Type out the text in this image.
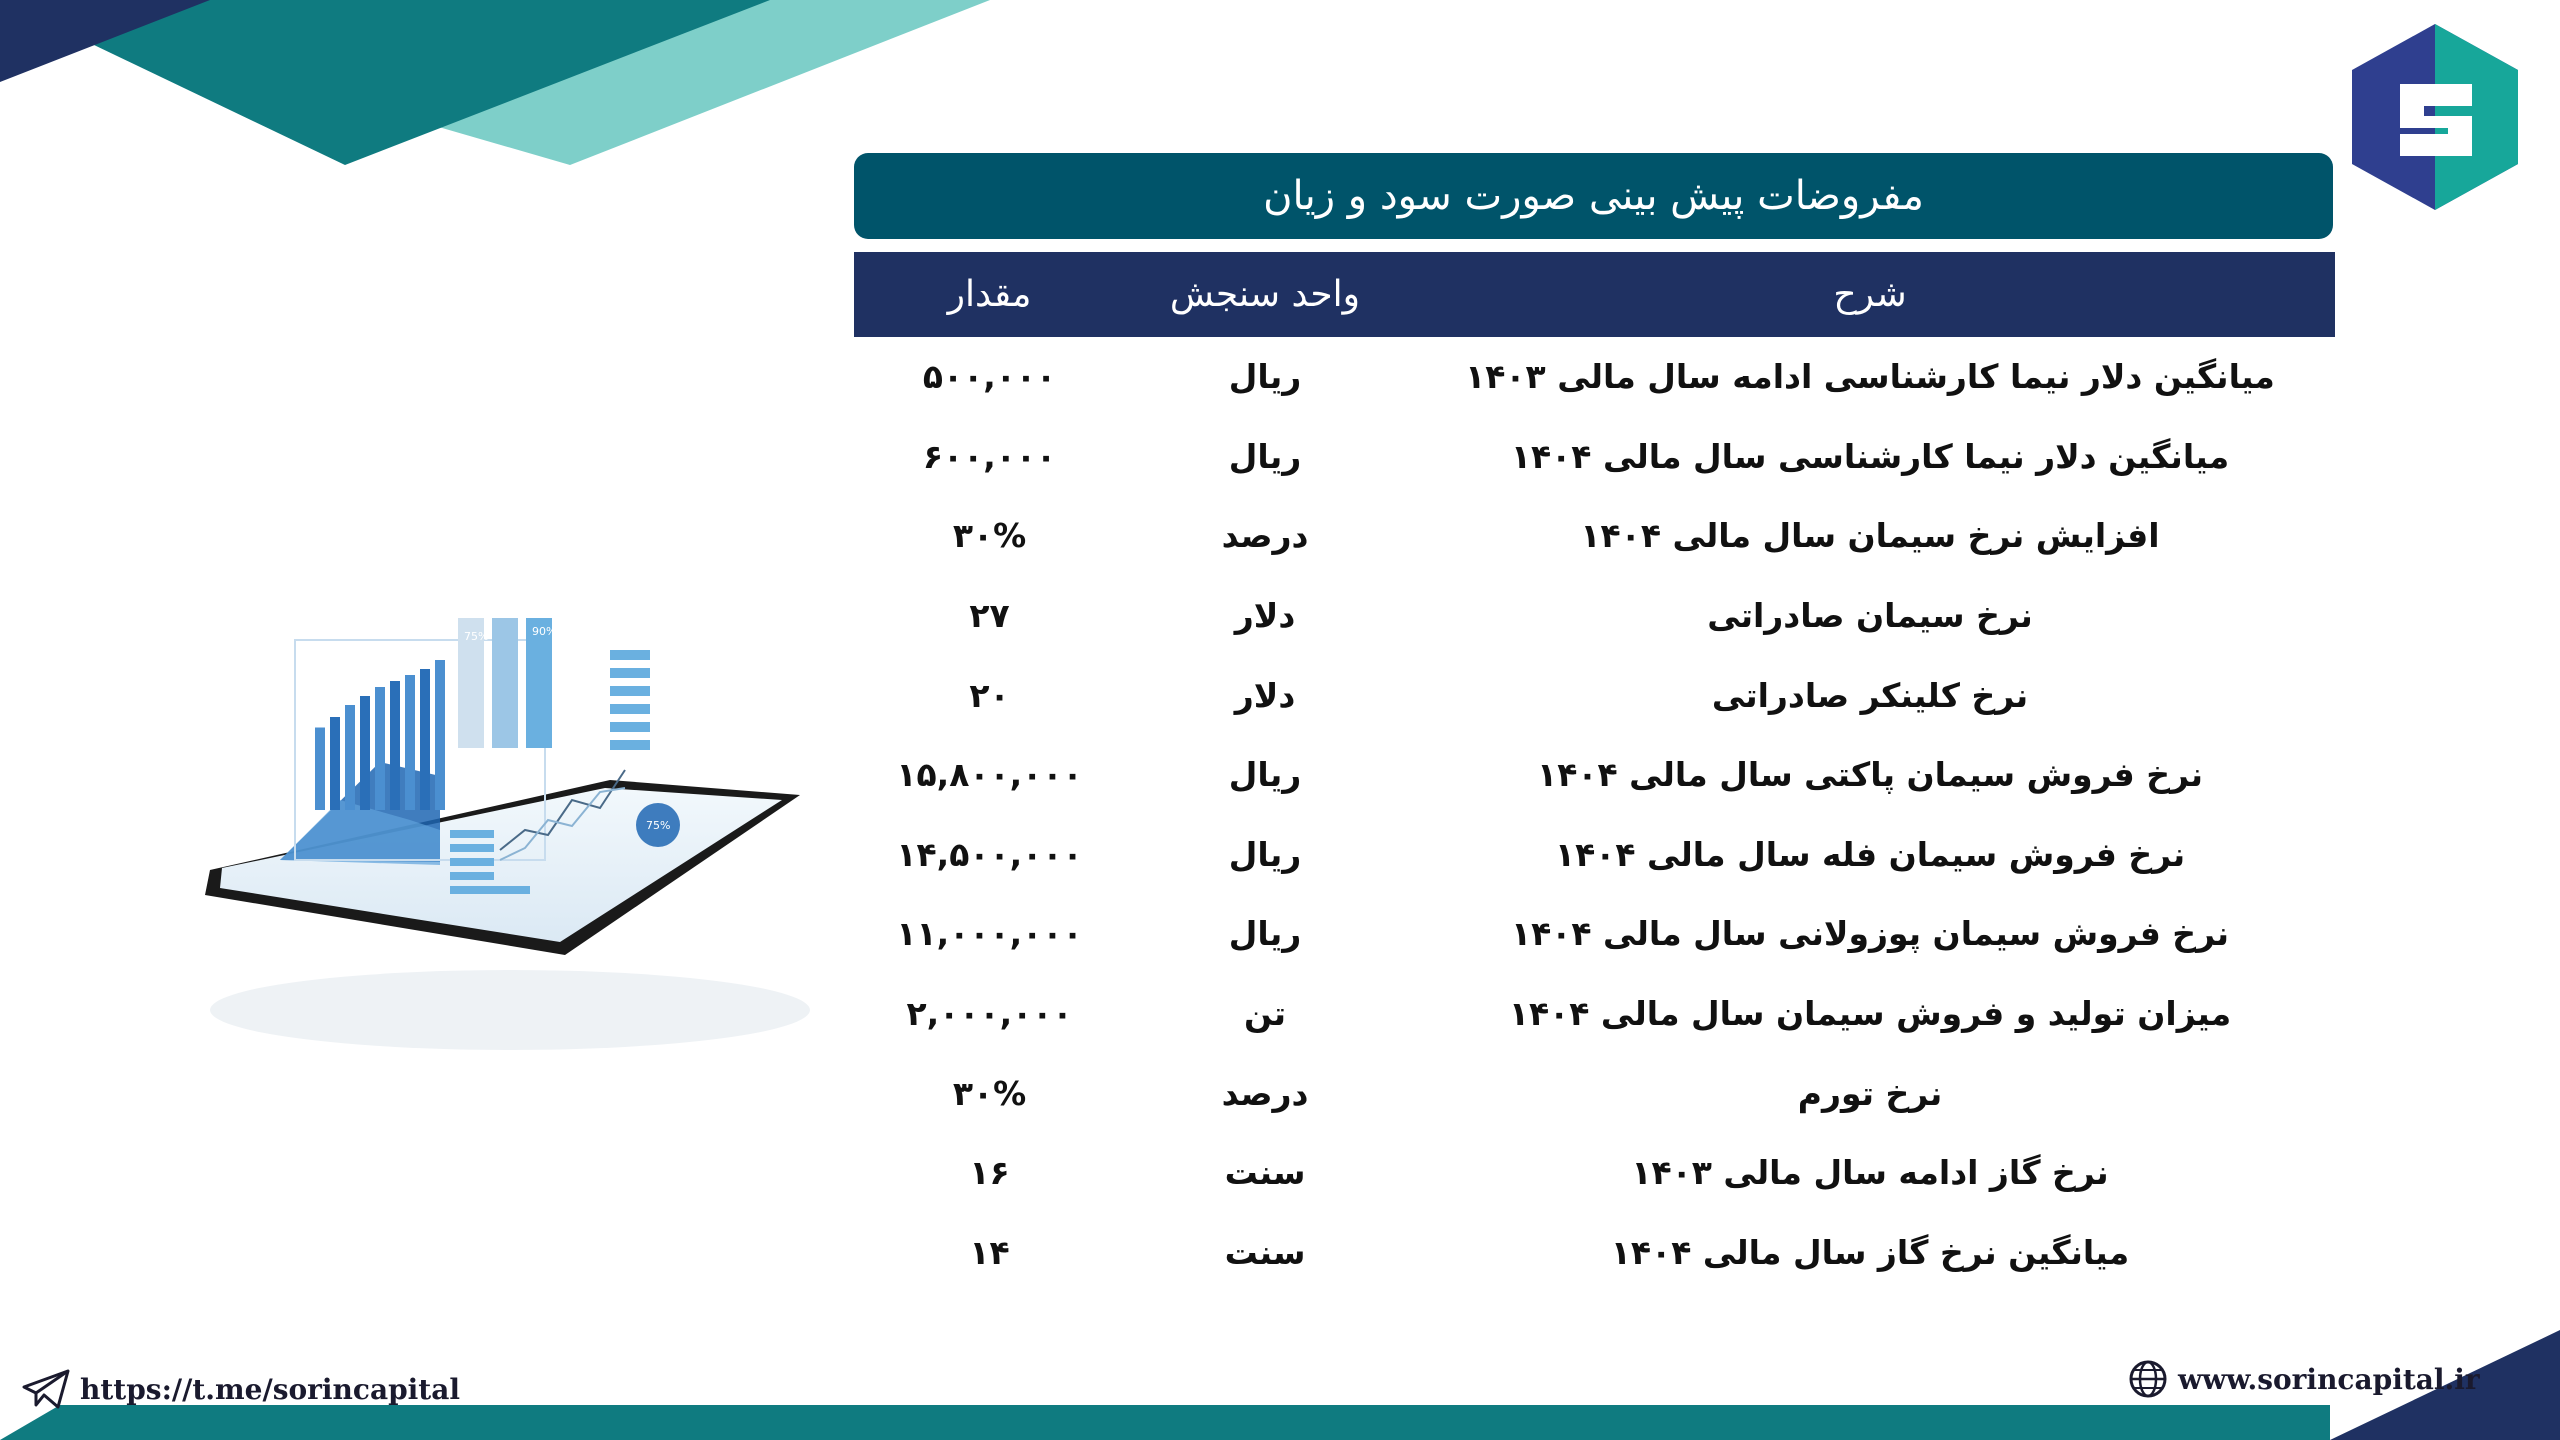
مفروضات پیش بینی صورت سود و زیان
شرح
واحد سنجش
مقدار
میانگین دلار نیما کارشناسی ادامه سال مالی ۱۴۰۳
ریال
۵۰۰,۰۰۰
میانگین دلار نیما کارشناسی سال مالی ۱۴۰۴
ریال
۶۰۰,۰۰۰
افزایش نرخ سیمان سال مالی ۱۴۰۴
درصد
۳۰%
نرخ سیمان صادراتی
دلار
۲۷
نرخ کلینکر صادراتی
دلار
۲۰
نرخ فروش سیمان پاکتی سال مالی ۱۴۰۴
ریال
۱۵,۸۰۰,۰۰۰
نرخ فروش سیمان فله سال مالی ۱۴۰۴
ریال
۱۴,۵۰۰,۰۰۰
نرخ فروش سیمان پوزولانی سال مالی ۱۴۰۴
ریال
۱۱,۰۰۰,۰۰۰
میزان تولید و فروش سیمان سال مالی ۱۴۰۴
تن
۲,۰۰۰,۰۰۰
نرخ تورم
درصد
۳۰%
نرخ گاز ادامه سال مالی ۱۴۰۳
سنت
۱۶
میانگین نرخ گاز سال مالی ۱۴۰۴
سنت
۱۴
75%	90%
75%
https://t.me/sorincapital	www.sorincapital.ir
